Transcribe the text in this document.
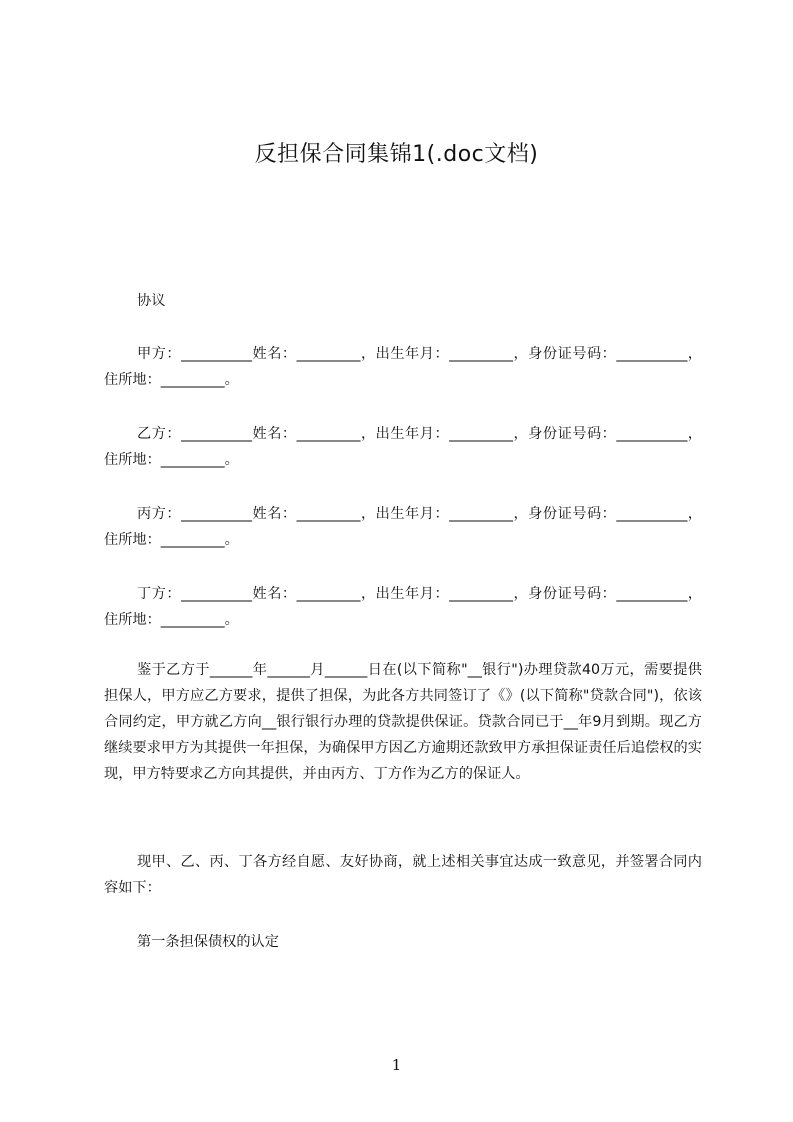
反担保合同集锦1(.doc文档)
协议

甲方：__________姓名：_________，出生年月：_________，身份证号码：__________，住所地：_________。

乙方：__________姓名：_________，出生年月：_________，身份证号码：__________，住所地：_________。

丙方：__________姓名：_________，出生年月：_________，身份证号码：__________，住所地：_________。

丁方：__________姓名：_________，出生年月：_________，身份证号码：__________，住所地：_________。

鉴于乙方于______年______月______日在(以下简称"__银行")办理贷款40万元，需要提供担保人，甲方应乙方要求，提供了担保，为此各方共同签订了《》(以下简称"贷款合同")，依该合同约定，甲方就乙方向__银行银行办理的贷款提供保证。贷款合同已于__年9月到期。现乙方继续要求甲方为其提供一年担保，为确保甲方因乙方逾期还款致甲方承担保证责任后追偿权的实现，甲方特要求乙方向其提供，并由丙方、丁方作为乙方的保证人。

现甲、乙、丙、丁各方经自愿、友好协商，就上述相关事宜达成一致意见，并签署合同内容如下：

第一条担保债权的认定
1
